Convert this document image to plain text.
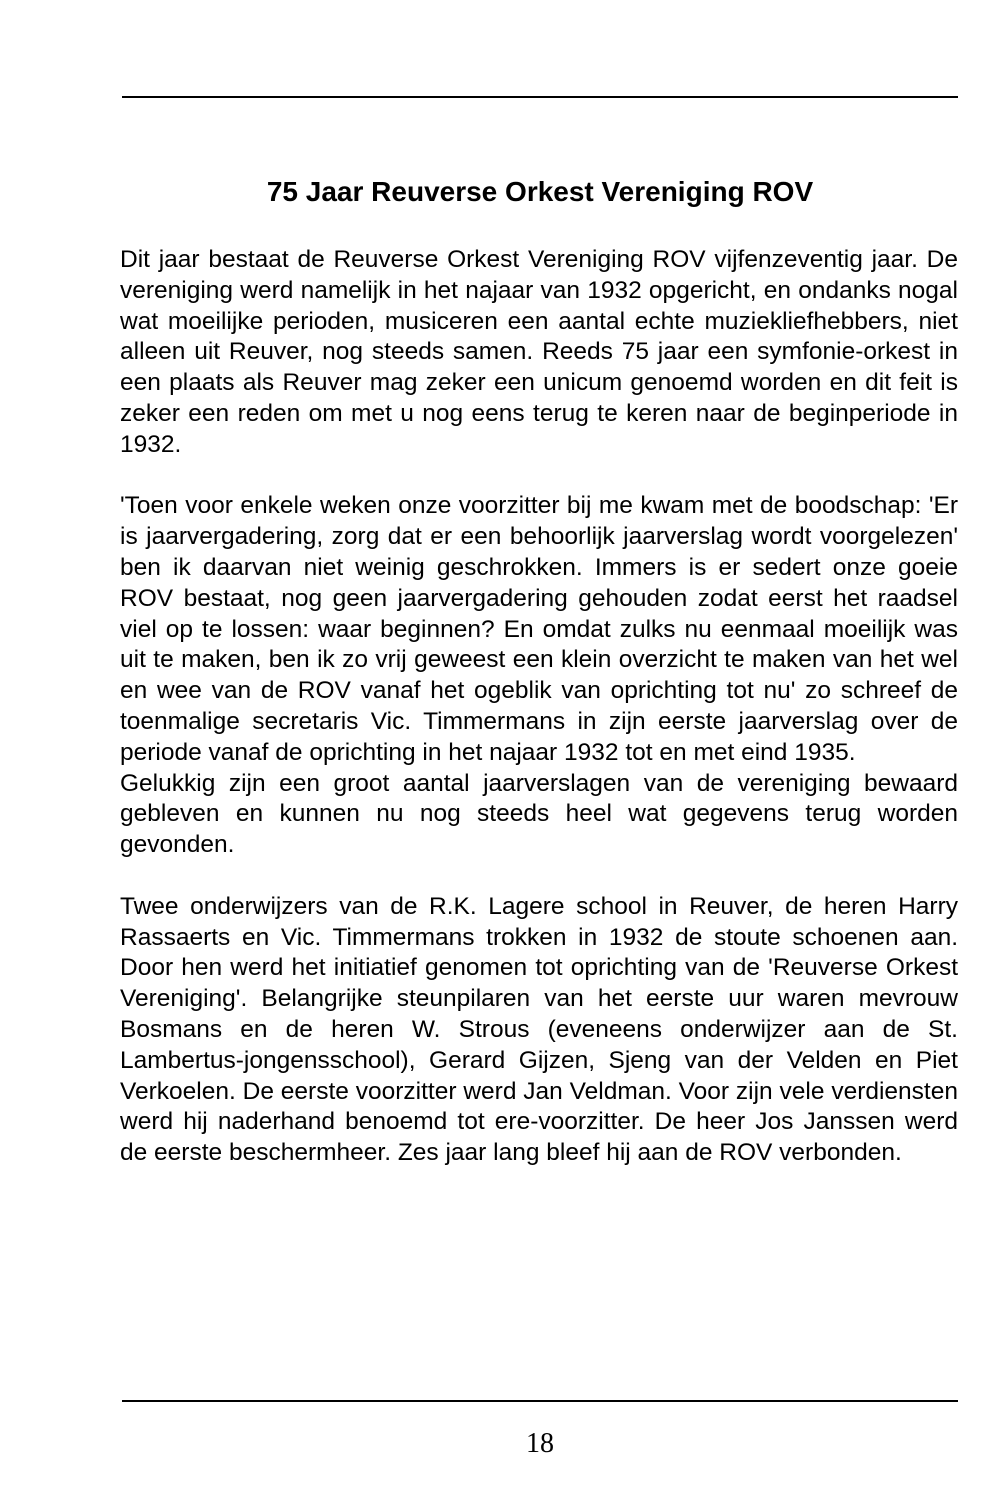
75 Jaar Reuverse Orkest Vereniging ROV

Dit jaar bestaat de Reuverse Orkest Vereniging ROV vijfenzeventig jaar. De vereniging werd namelijk in het najaar van 1932 opgericht, en ondanks nogal wat moeilijke perioden, musiceren een aantal echte muziekliefhebbers, niet alleen uit Reuver, nog steeds samen. Reeds 75 jaar een symfonie-orkest in een plaats als Reuver mag zeker een unicum genoemd worden en dit feit is zeker een reden om met u nog eens terug te keren naar de beginperiode in 1932.

'Toen voor enkele weken onze voorzitter bij me kwam met de boodschap: 'Er is jaarvergadering, zorg dat er een behoorlijk jaarverslag wordt voorgelezen' ben ik daarvan niet weinig geschrokken. Immers is er sedert onze goeie ROV bestaat, nog geen jaarvergadering gehouden zodat eerst het raadsel viel op te lossen: waar beginnen? En omdat zulks nu eenmaal moeilijk was uit te maken, ben ik zo vrij geweest een klein overzicht te maken van het wel en wee van de ROV vanaf het ogeblik van oprichting tot nu' zo schreef de toenmalige secretaris Vic. Timmermans in zijn eerste jaarverslag over de periode vanaf de oprichting in het najaar 1932 tot en met eind 1935.

Gelukkig zijn een groot aantal jaarverslagen van de vereniging bewaard gebleven en kunnen nu nog steeds heel wat gegevens terug worden gevonden.

Twee onderwijzers van de R.K. Lagere school in Reuver, de heren Harry Rassaerts en Vic. Timmermans trokken in 1932 de stoute schoenen aan. Door hen werd het initiatief genomen tot oprichting van de 'Reuverse Orkest Vereniging'. Belangrijke steunpilaren van het eerste uur waren mevrouw Bosmans en de heren W. Strous (eveneens onderwijzer aan de St. Lambertus-jongensschool), Gerard Gijzen, Sjeng van der Velden en Piet Verkoelen. De eerste voorzitter werd Jan Veldman. Voor zijn vele verdiensten werd hij naderhand benoemd tot ere-voorzitter. De heer Jos Janssen werd de eerste beschermheer. Zes jaar lang bleef hij aan de ROV verbonden.

18
